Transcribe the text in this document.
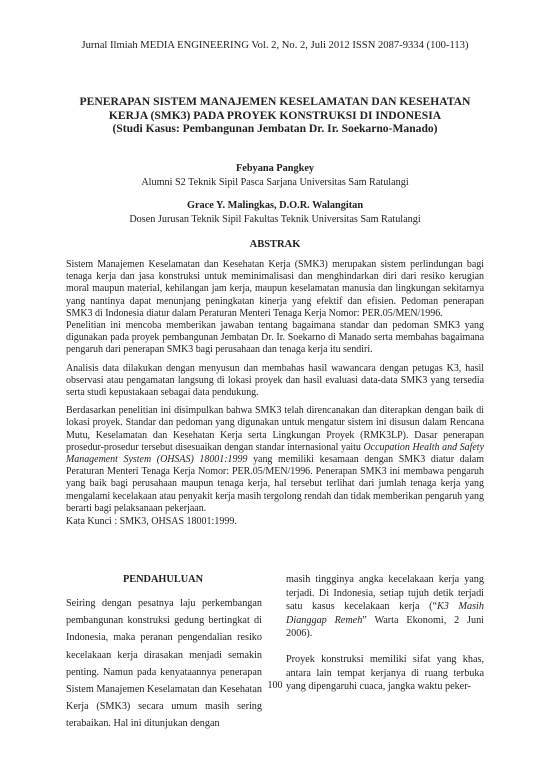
Jurnal Ilmiah MEDIA ENGINEERING Vol. 2, No. 2, Juli 2012 ISSN 2087-9334 (100-113)
PENERAPAN SISTEM MANAJEMEN KESELAMATAN DAN KESEHATAN
KERJA (SMK3) PADA PROYEK KONSTRUKSI DI INDONESIA
(Studi Kasus: Pembangunan Jembatan Dr. Ir. Soekarno-Manado)
Febyana Pangkey
Alumni S2 Teknik Sipil Pasca Sarjana Universitas Sam Ratulangi
Grace Y. Malingkas, D.O.R. Walangitan
Dosen Jurusan Teknik Sipil Fakultas Teknik Universitas Sam Ratulangi
ABSTRAK

Sistem Manajemen Keselamatan dan Kesehatan Kerja (SMK3) merupakan sistem perlindungan bagi tenaga kerja dan jasa konstruksi untuk meminimalisasi dan menghindarkan diri dari resiko kerugian moral maupun material, kehilangan jam kerja, maupun keselamatan manusia dan lingkungan sekitarnya yang nantinya dapat menunjang peningkatan kinerja yang efektif dan efisien. Pedoman penerapan SMK3 di Indonesia diatur dalam Peraturan Menteri Tenaga Kerja Nomor: PER.05/MEN/1996.

Penelitian ini mencoba memberikan jawaban tentang bagaimana standar dan pedoman SMK3 yang digunakan pada proyek pembangunan Jembatan Dr. Ir. Soekarno di Manado serta membahas bagaimana pengaruh dari penerapan SMK3 bagi perusahaan dan tenaga kerja itu sendiri.

Analisis data dilakukan dengan menyusun dan membahas hasil wawancara dengan petugas K3, hasil observasi atau pengamatan langsung di lokasi proyek dan hasil evaluasi data-data SMK3 yang tersedia serta studi kepustakaan sebagai data pendukung.

Berdasarkan penelitian ini disimpulkan bahwa SMK3 telah direncanakan dan diterapkan dengan baik di lokasi proyek. Standar dan pedoman yang digunakan untuk mengatur sistem ini disusun dalam Rencana Mutu, Keselamatan dan Kesehatan Kerja serta Lingkungan Proyek (RMK3LP). Dasar penerapan prosedur-prosedur tersebut disesuaikan dengan standar internasional yaitu Occupation Health and Safety Management System (OHSAS) 18001:1999 yang memiliki kesamaan dengan SMK3 diatur dalam Peraturan Menteri Tenaga Kerja Nomor: PER.05/MEN/1996. Penerapan SMK3 ini membawa pengaruh yang baik bagi perusahaan maupun tenaga kerja, hal tersebut terlihat dari jumlah tenaga kerja yang mengalami kecelakaan atau penyakit kerja masih tergolong rendah dan tidak memberikan pengaruh yang berarti bagi pelaksanaan pekerjaan.

Kata Kunci : SMK3, OHSAS 18001:1999.
PENDAHULUAN
Seiring dengan pesatnya laju perkembangan pembangunan konstruksi gedung bertingkat di Indonesia, maka peranan pengendalian resiko kecelakaan kerja dirasakan menjadi semakin penting. Namun pada kenyataannya penerapan Sistem Manajemen Keselamatan dan Kesehatan Kerja (SMK3) secara umum masih sering terabaikan. Hal ini ditunjukan dengan
masih tingginya angka kecelakaan kerja yang terjadi. Di Indonesia, setiap tujuh detik terjadi satu kasus kecelakaan kerja (“K3 Masih Dianggap Remeh” Warta Ekonomi, 2 Juni 2006).
Proyek konstruksi memiliki sifat yang khas, antara lain tempat kerjanya di ruang terbuka yang dipengaruhi cuaca, jangka waktu peker-
100
